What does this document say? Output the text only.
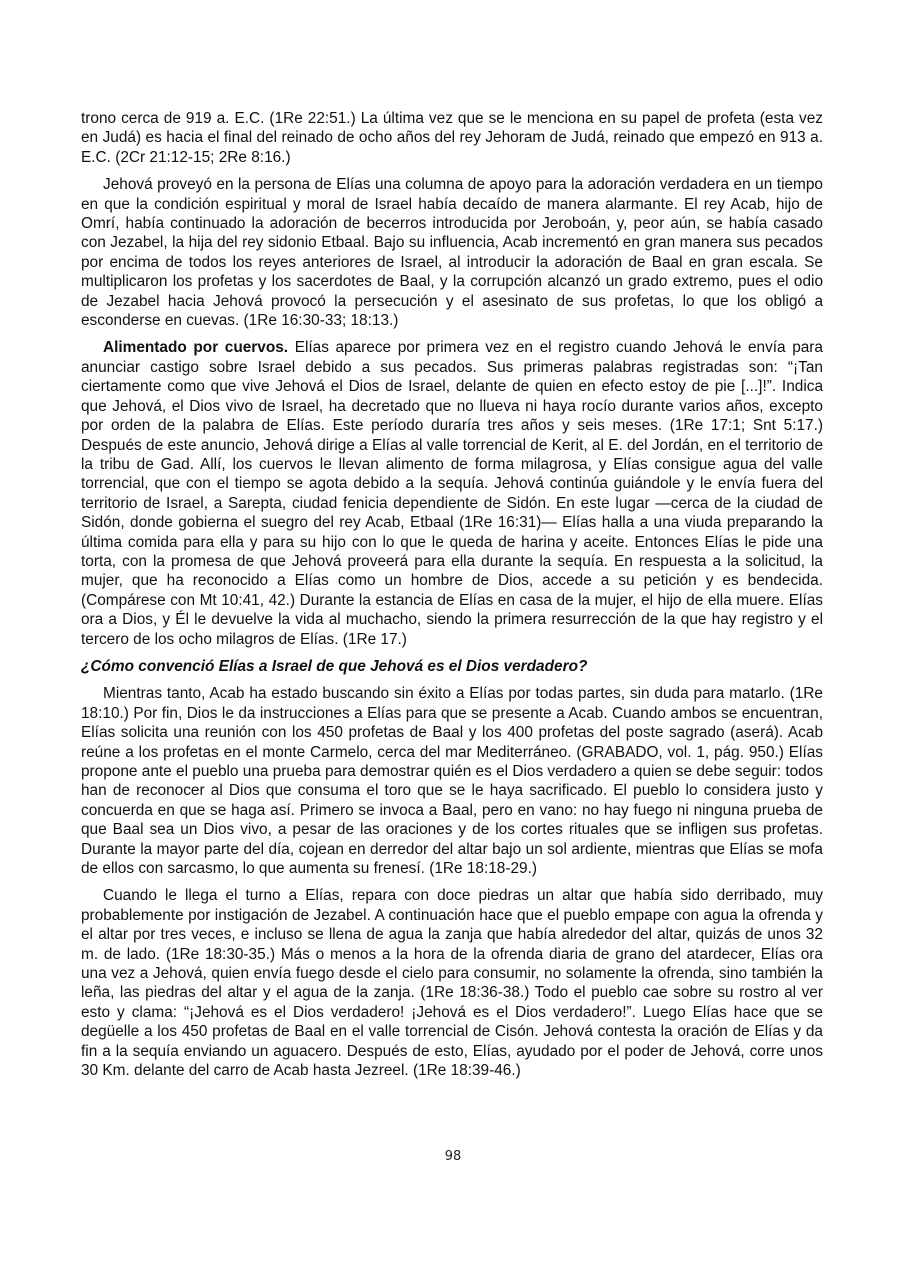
trono cerca de 919 a. E.C. (1Re 22:51.) La última vez que se le menciona en su papel de profeta (esta vez en Judá) es hacia el final del reinado de ocho años del rey Jehoram de Judá, reinado que empezó en 913 a. E.C. (2Cr 21:12-15; 2Re 8:16.)

Jehová proveyó en la persona de Elías una columna de apoyo para la adoración verdadera en un tiempo en que la condición espiritual y moral de Israel había decaído de manera alarmante. El rey Acab, hijo de Omrí, había continuado la adoración de becerros introducida por Jeroboán, y, peor aún, se había casado con Jezabel, la hija del rey sidonio Etbaal. Bajo su influencia, Acab incrementó en gran manera sus pecados por encima de todos los reyes anteriores de Israel, al introducir la adoración de Baal en gran escala. Se multiplicaron los profetas y los sacerdotes de Baal, y la corrupción alcanzó un grado extremo, pues el odio de Jezabel hacia Jehová provocó la persecución y el asesinato de sus profetas, lo que los obligó a esconderse en cuevas. (1Re 16:30-33; 18:13.)

Alimentado por cuervos. Elías aparece por primera vez en el registro cuando Jehová le envía para anunciar castigo sobre Israel debido a sus pecados. Sus primeras palabras registradas son: “¡Tan ciertamente como que vive Jehová el Dios de Israel, delante de quien en efecto estoy de pie [...]!”. Indica que Jehová, el Dios vivo de Israel, ha decretado que no llueva ni haya rocío durante varios años, excepto por orden de la palabra de Elías. Este período duraría tres años y seis meses. (1Re 17:1; Snt 5:17.) Después de este anuncio, Jehová dirige a Elías al valle torrencial de Kerit, al E. del Jordán, en el territorio de la tribu de Gad. Allí, los cuervos le llevan alimento de forma milagrosa, y Elías consigue agua del valle torrencial, que con el tiempo se agota debido a la sequía. Jehová continúa guiándole y le envía fuera del territorio de Israel, a Sarepta, ciudad fenicia dependiente de Sidón. En este lugar —cerca de la ciudad de Sidón, donde gobierna el suegro del rey Acab, Etbaal (1Re 16:31)— Elías halla a una viuda preparando la última comida para ella y para su hijo con lo que le queda de harina y aceite. Entonces Elías le pide una torta, con la promesa de que Jehová proveerá para ella durante la sequía. En respuesta a la solicitud, la mujer, que ha reconocido a Elías como un hombre de Dios, accede a su petición y es bendecida. (Compárese con Mt 10:41, 42.) Durante la estancia de Elías en casa de la mujer, el hijo de ella muere. Elías ora a Dios, y Él le devuelve la vida al muchacho, siendo la primera resurrección de la que hay registro y el tercero de los ocho milagros de Elías. (1Re 17.)

¿Cómo convenció Elías a Israel de que Jehová es el Dios verdadero?

Mientras tanto, Acab ha estado buscando sin éxito a Elías por todas partes, sin duda para matarlo. (1Re 18:10.) Por fin, Dios le da instrucciones a Elías para que se presente a Acab. Cuando ambos se encuentran, Elías solicita una reunión con los 450 profetas de Baal y los 400 profetas del poste sagrado (aserá). Acab reúne a los profetas en el monte Carmelo, cerca del mar Mediterráneo. (GRABADO, vol. 1, pág. 950.) Elías propone ante el pueblo una prueba para demostrar quién es el Dios verdadero a quien se debe seguir: todos han de reconocer al Dios que consuma el toro que se le haya sacrificado. El pueblo lo considera justo y concuerda en que se haga así. Primero se invoca a Baal, pero en vano: no hay fuego ni ninguna prueba de que Baal sea un Dios vivo, a pesar de las oraciones y de los cortes rituales que se infligen sus profetas. Durante la mayor parte del día, cojean en derredor del altar bajo un sol ardiente, mientras que Elías se mofa de ellos con sarcasmo, lo que aumenta su frenesí. (1Re 18:18-29.)

Cuando le llega el turno a Elías, repara con doce piedras un altar que había sido derribado, muy probablemente por instigación de Jezabel. A continuación hace que el pueblo empape con agua la ofrenda y el altar por tres veces, e incluso se llena de agua la zanja que había alrededor del altar, quizás de unos 32 m. de lado. (1Re 18:30-35.) Más o menos a la hora de la ofrenda diaria de grano del atardecer, Elías ora una vez a Jehová, quien envía fuego desde el cielo para consumir, no solamente la ofrenda, sino también la leña, las piedras del altar y el agua de la zanja. (1Re 18:36-38.) Todo el pueblo cae sobre su rostro al ver esto y clama: “¡Jehová es el Dios verdadero! ¡Jehová es el Dios verdadero!”. Luego Elías hace que se degüelle a los 450 profetas de Baal en el valle torrencial de Cisón. Jehová contesta la oración de Elías y da fin a la sequía enviando un aguacero. Después de esto, Elías, ayudado por el poder de Jehová, corre unos 30 Km. delante del carro de Acab hasta Jezreel. (1Re 18:39-46.)

98
